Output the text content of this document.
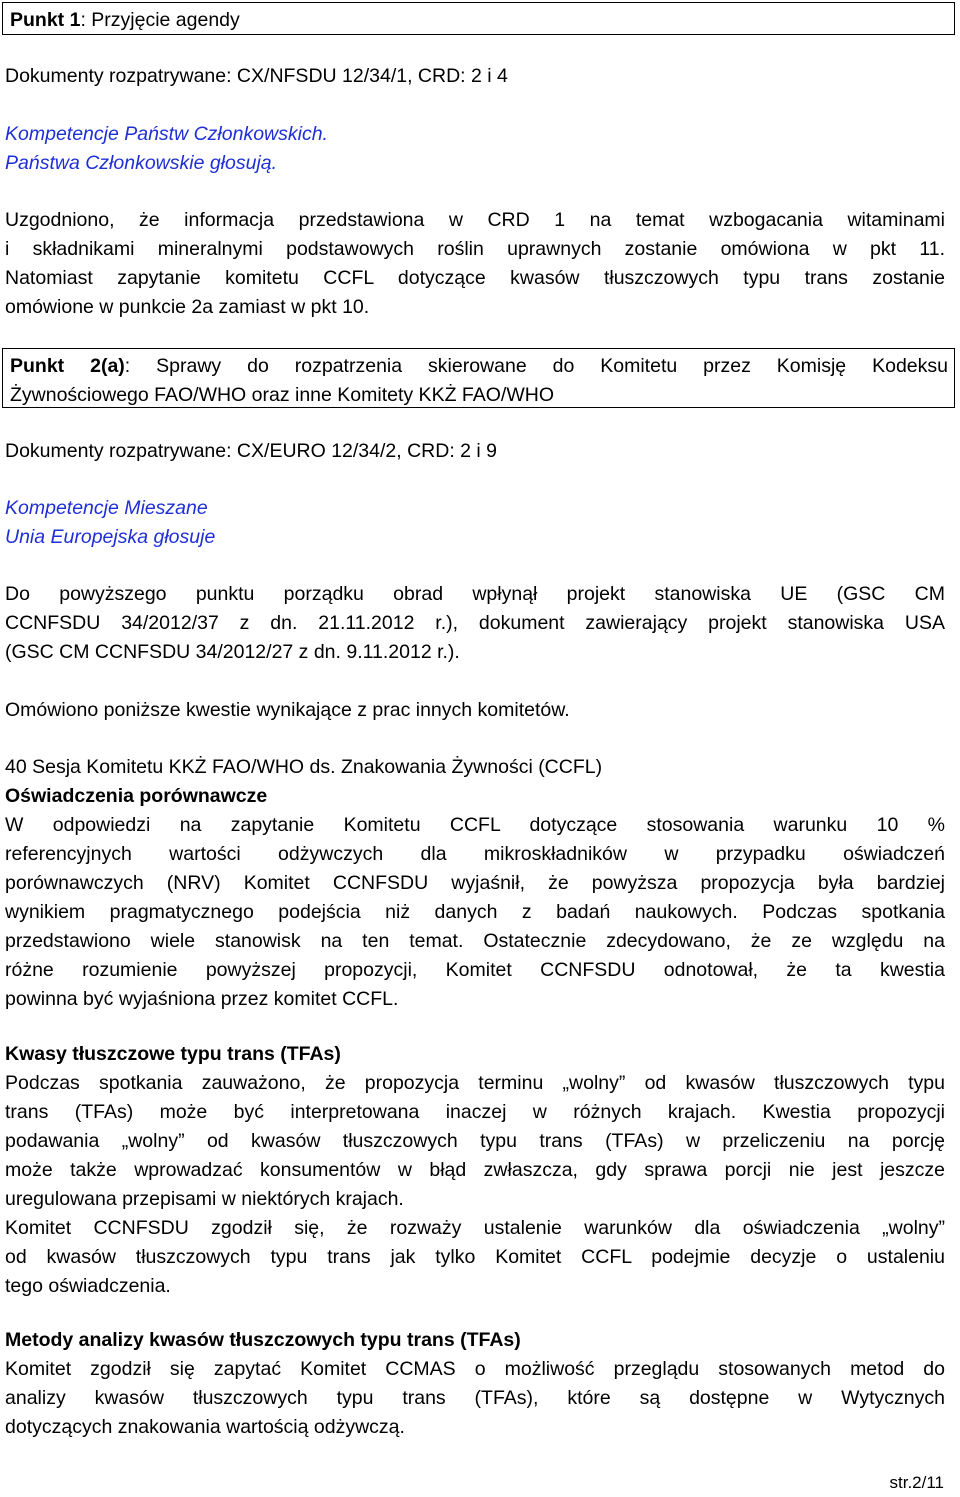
Punkt 1: Przyjęcie agendy

Dokumenty rozpatrywane: CX/NFSDU 12/34/1, CRD: 2 i 4

Kompetencje Państw Członkowskich.

Państwa Członkowskie głosują.

Uzgodniono, że informacja przedstawiona w CRD 1 na temat wzbogacania witaminami

i składnikami mineralnymi podstawowych roślin uprawnych zostanie omówiona w pkt 11.

Natomiast zapytanie komitetu CCFL dotyczące kwasów tłuszczowych typu trans zostanie

omówione w punkcie 2a zamiast w pkt 10.

Punkt 2(a): Sprawy do rozpatrzenia skierowane do Komitetu przez Komisję Kodeksu

Żywnościowego FAO/WHO oraz inne Komitety KKŻ FAO/WHO

Dokumenty rozpatrywane: CX/EURO 12/34/2, CRD: 2 i 9

Kompetencje Mieszane

Unia Europejska głosuje

Do powyższego punktu porządku obrad wpłynął projekt stanowiska UE (GSC CM

CCNFSDU 34/2012/37 z dn. 21.11.2012 r.), dokument zawierający projekt stanowiska USA

(GSC CM CCNFSDU 34/2012/27 z dn. 9.11.2012 r.).

Omówiono poniższe kwestie wynikające z prac innych komitetów.

40 Sesja Komitetu KKŻ FAO/WHO ds. Znakowania Żywności (CCFL)

Oświadczenia porównawcze

W odpowiedzi na zapytanie Komitetu CCFL dotyczące stosowania warunku 10 %

referencyjnych wartości odżywczych dla mikroskładników w przypadku oświadczeń

porównawczych (NRV) Komitet CCNFSDU wyjaśnił, że powyższa propozycja była bardziej

wynikiem pragmatycznego podejścia niż danych z badań naukowych. Podczas spotkania

przedstawiono wiele stanowisk na ten temat. Ostatecznie zdecydowano, że ze względu na

różne rozumienie powyższej propozycji, Komitet CCNFSDU odnotował, że ta kwestia

powinna być wyjaśniona przez komitet CCFL.

Kwasy tłuszczowe typu trans (TFAs)

Podczas spotkania zauważono, że propozycja terminu „wolny” od kwasów tłuszczowych typu

trans (TFAs) może być interpretowana inaczej w różnych krajach. Kwestia propozycji

podawania „wolny” od kwasów tłuszczowych typu trans (TFAs) w przeliczeniu na porcję

może także wprowadzać konsumentów w błąd zwłaszcza, gdy sprawa porcji nie jest jeszcze

uregulowana przepisami w niektórych krajach.

Komitet CCNFSDU zgodził się, że rozważy ustalenie warunków dla oświadczenia „wolny”

od kwasów tłuszczowych typu trans jak tylko Komitet CCFL podejmie decyzje o ustaleniu

tego oświadczenia.

Metody analizy kwasów tłuszczowych typu trans (TFAs)

Komitet zgodził się zapytać Komitet CCMAS o możliwość przeglądu stosowanych metod do

analizy kwasów tłuszczowych typu trans (TFAs), które są dostępne w Wytycznych

dotyczących znakowania wartością odżywczą.

str.2/11
